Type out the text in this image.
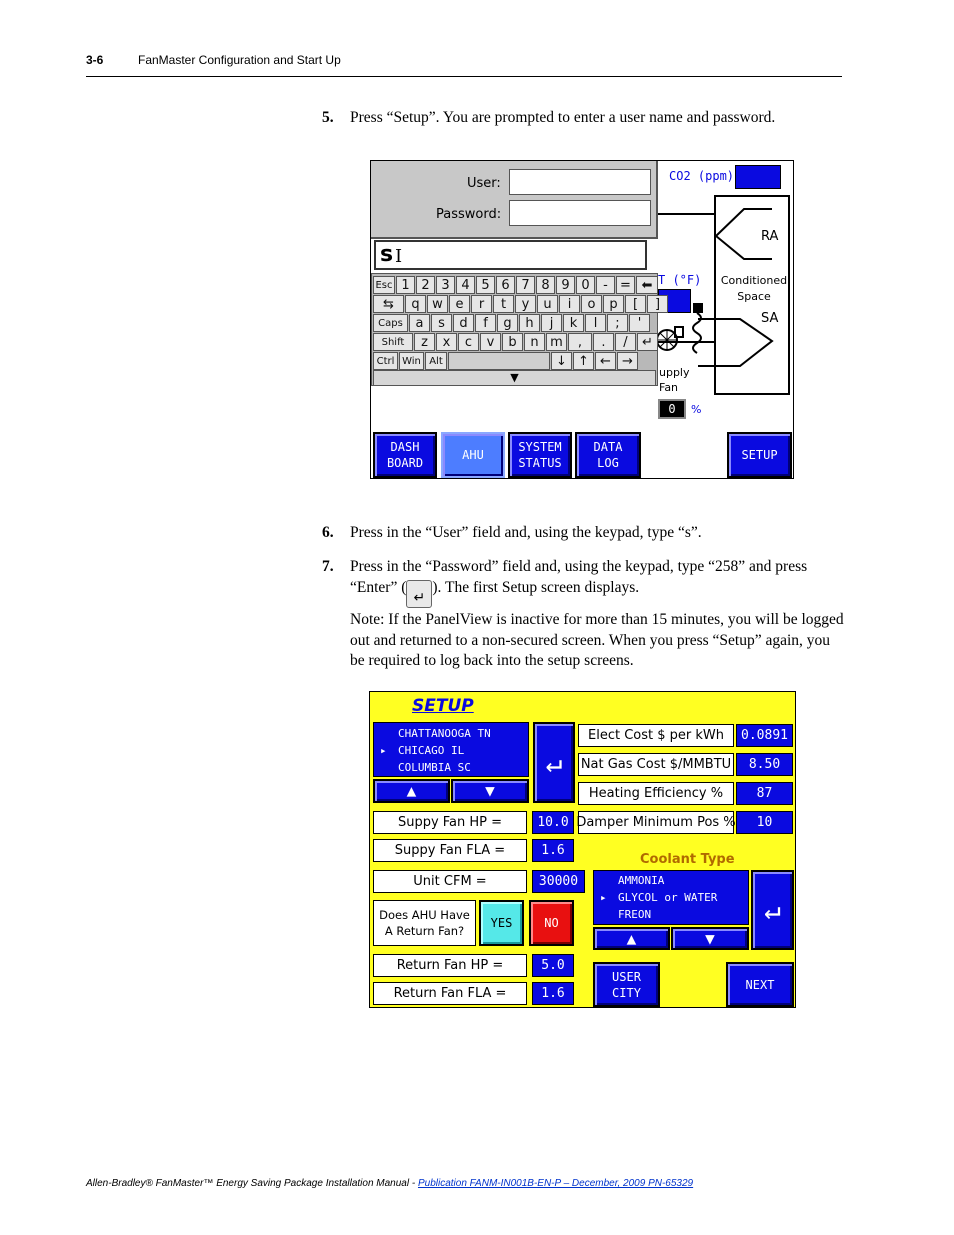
3-6	FanMaster Configuration and Start Up
5. Press “Setup”. You are prompted to enter a user name and password.
CO2 (ppm)
RA
Conditioned Space
SA
T (°F)
upply Fan
0	%
User:
Password:
s I
Esc 1 2 3 4 5 6 7 8 9 0	- = ⬅
⇆	q w e	r	t	y	u	i	o	p	[	]
Caps a	s	d	f	g	h	j	k	l	;	'
Shift	z	x	c	v	b	n m	,	.	/	↵
Ctrl Win Alt	↓ ↑ ← →
▼
DASH BOARD
AHU
SYSTEM STATUS
DATA LOG
SETUP
6. Press in the “User” field and, using the keypad, type “s”.
7. Press in the “Password” field and, using the keypad, type “258” and press “Enter” (↵). The first Setup screen displays.
Note: If the PanelView is inactive for more than 15 minutes, you will be logged out and returned to a non-secured screen. When you press “Setup” again, you be required to log back into the setup screens.
SETUP
CHATTANOOGA TN
▸ CHICAGO IL
COLUMBIA SC
▲	▼
↵
Elect Cost $ per kWh	0.0891
Nat Gas Cost $/MMBTU	8.50
Heating Efficiency %	87
Damper Minimum Pos %	10
Suppy Fan HP =	10.0
Suppy Fan FLA =	1.6
Unit CFM =	30000
Does AHU Have A Return Fan?
YES	NO
Return Fan HP =	5.0
Return Fan FLA =	1.6
Coolant Type
AMMONIA
▸ GLYCOL or WATER
FREON
▲	▼
↵
USER CITY
NEXT
Allen-Bradley® FanMaster™ Energy Saving Package Installation Manual - Publication FANM-IN001B-EN-P – December, 2009 PN-65329
